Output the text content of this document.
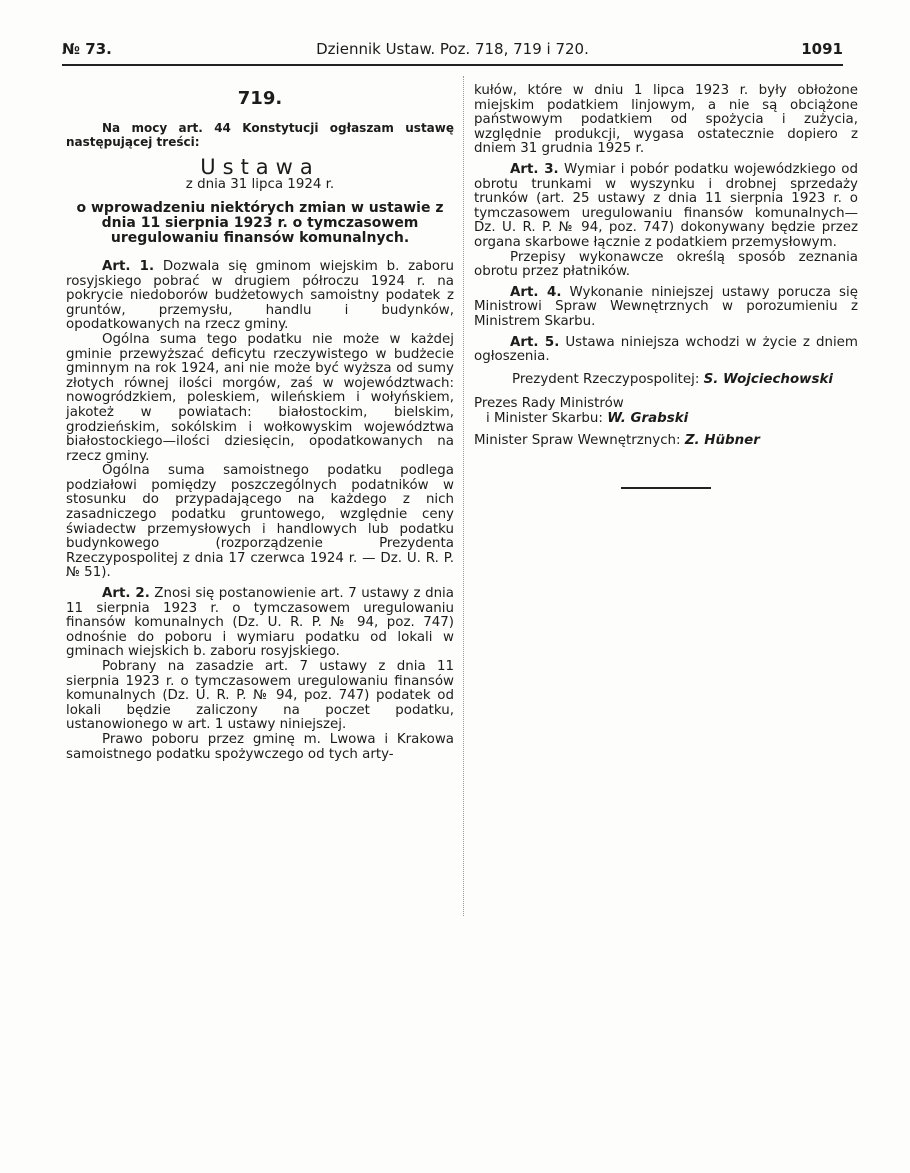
№ 73.	Dziennik Ustaw. Poz. 718, 719 i 720.	1091
719.

Na mocy art. 44 Konstytucji ogłaszam ustawę następującej treści:

Ustawa
z dnia 31 lipca 1924 r.
o wprowadzeniu niektórych zmian w ustawie z dnia 11 sierpnia 1923 r. o tymczasowem uregulowaniu finansów komunalnych.

Art. 1. Dozwala się gminom wiejskim b. zaboru rosyjskiego pobrać w drugiem półroczu 1924 r. na pokrycie niedoborów budżetowych samoistny podatek z gruntów, przemysłu, handlu i budynków, opodatkowanych na rzecz gminy.

Ogólna suma tego podatku nie może w każdej gminie przewyższać deficytu rzeczywistego w budżecie gminnym na rok 1924, ani nie może być wyższa od sumy złotych równej ilości morgów, zaś w województwach: nowogródzkiem, poleskiem, wileńskiem i wołyńskiem, jakoteż w powiatach: białostockim, bielskim, grodzieńskim, sokólskim i wołkowyskim województwa białostockiego—ilości dziesięcin, opodatkowanych na rzecz gminy.

Ogólna suma samoistnego podatku podlega podziałowi pomiędzy poszczególnych podatników w stosunku do przypadającego na każdego z nich zasadniczego podatku gruntowego, względnie ceny świadectw przemysłowych i handlowych lub podatku budynkowego (rozporządzenie Prezydenta Rzeczypospolitej z dnia 17 czerwca 1924 r. — Dz. U. R. P. № 51).

Art. 2. Znosi się postanowienie art. 7 ustawy z dnia 11 sierpnia 1923 r. o tymczasowem uregulowaniu finansów komunalnych (Dz. U. R. P. № 94, poz. 747) odnośnie do poboru i wymiaru podatku od lokali w gminach wiejskich b. zaboru rosyjskiego.

Pobrany na zasadzie art. 7 ustawy z dnia 11 sierpnia 1923 r. o tymczasowem uregulowaniu finansów komunalnych (Dz. U. R. P. № 94, poz. 747) podatek od lokali będzie zaliczony na poczet podatku, ustanowionego w art. 1 ustawy niniejszej.

Prawo poboru przez gminę m. Lwowa i Krakowa samoistnego podatku spożywczego od tych arty-

kułów, które w dniu 1 lipca 1923 r. były obłożone miejskim podatkiem linjowym, a nie są obciążone państwowym podatkiem od spożycia i zużycia, względnie produkcji, wygasa ostatecznie dopiero z dniem 31 grudnia 1925 r.

Art. 3. Wymiar i pobór podatku wojewódzkiego od obrotu trunkami w wyszynku i drobnej sprzedaży trunków (art. 25 ustawy z dnia 11 sierpnia 1923 r. o tymczasowem uregulowaniu finansów komunalnych—Dz. U. R. P. № 94, poz. 747) dokonywany będzie przez organa skarbowe łącznie z podatkiem przemysłowym.

Przepisy wykonawcze określą sposób zeznania obrotu przez płatników.

Art. 4. Wykonanie niniejszej ustawy porucza się Ministrowi Spraw Wewnętrznych w porozumieniu z Ministrem Skarbu.

Art. 5. Ustawa niniejsza wchodzi w życie z dniem ogłoszenia.

Prezydent Rzeczypospolitej: S. Wojciechowski

Prezes Rady Ministrów
i Minister Skarbu: W. Grabski

Minister Spraw Wewnętrznych: Z. Hübner
